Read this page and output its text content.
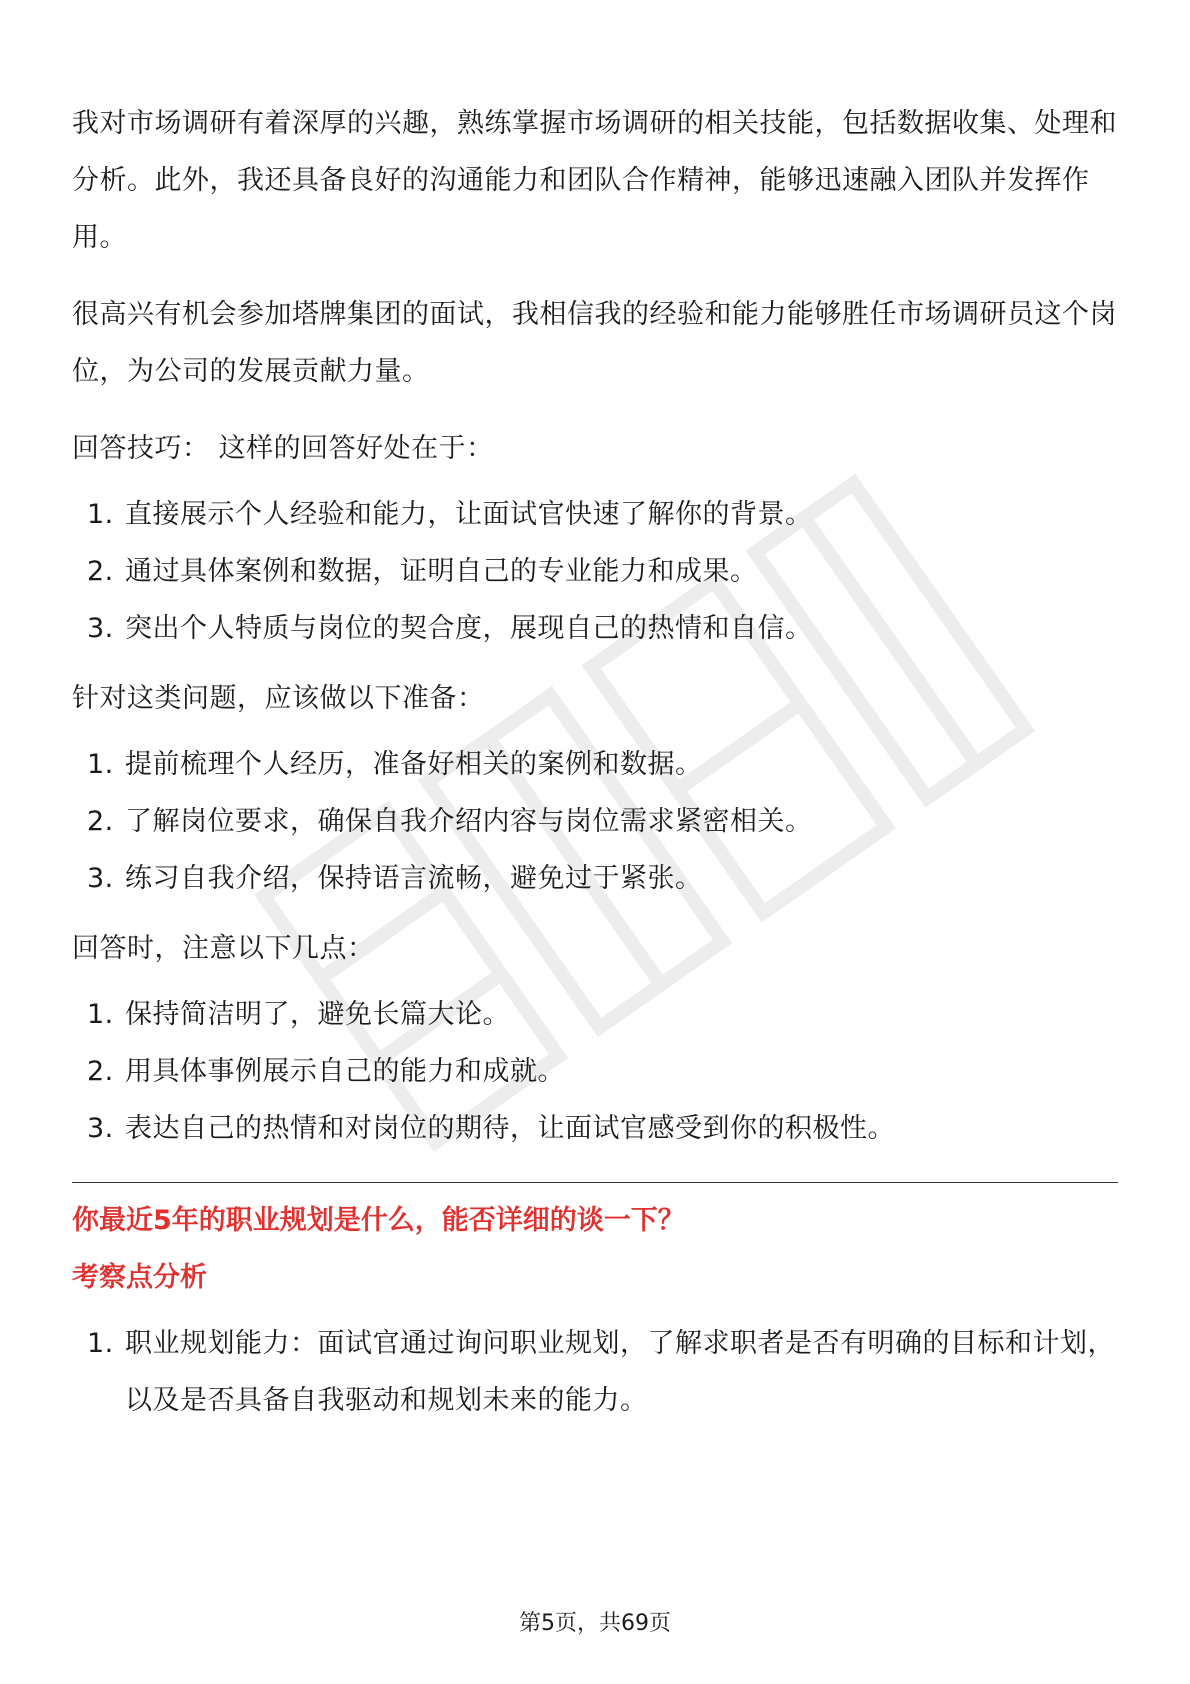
我对市场调研有着深厚的兴趣，熟练掌握市场调研的相关技能，包括数据收集、处理和分析。此外，我还具备良好的沟通能力和团队合作精神，能够迅速融入团队并发挥作用。

很高兴有机会参加塔牌集团的面试，我相信我的经验和能力能够胜任市场调研员这个岗位，为公司的发展贡献力量。

回答技巧： 这样的回答好处在于：

1. 直接展示个人经验和能力，让面试官快速了解你的背景。
2. 通过具体案例和数据，证明自己的专业能力和成果。
3. 突出个人特质与岗位的契合度，展现自己的热情和自信。

针对这类问题，应该做以下准备：

1. 提前梳理个人经历，准备好相关的案例和数据。
2. 了解岗位要求，确保自我介绍内容与岗位需求紧密相关。
3. 练习自我介绍，保持语言流畅，避免过于紧张。

回答时，注意以下几点：

1. 保持简洁明了，避免长篇大论。
2. 用具体事例展示自己的能力和成就。
3. 表达自己的热情和对岗位的期待，让面试官感受到你的积极性。
你最近5年的职业规划是什么，能否详细的谈一下？
考察点分析
1. 职业规划能力：面试官通过询问职业规划，了解求职者是否有明确的目标和计划，以及是否具备自我驱动和规划未来的能力。
第5页，共69页
